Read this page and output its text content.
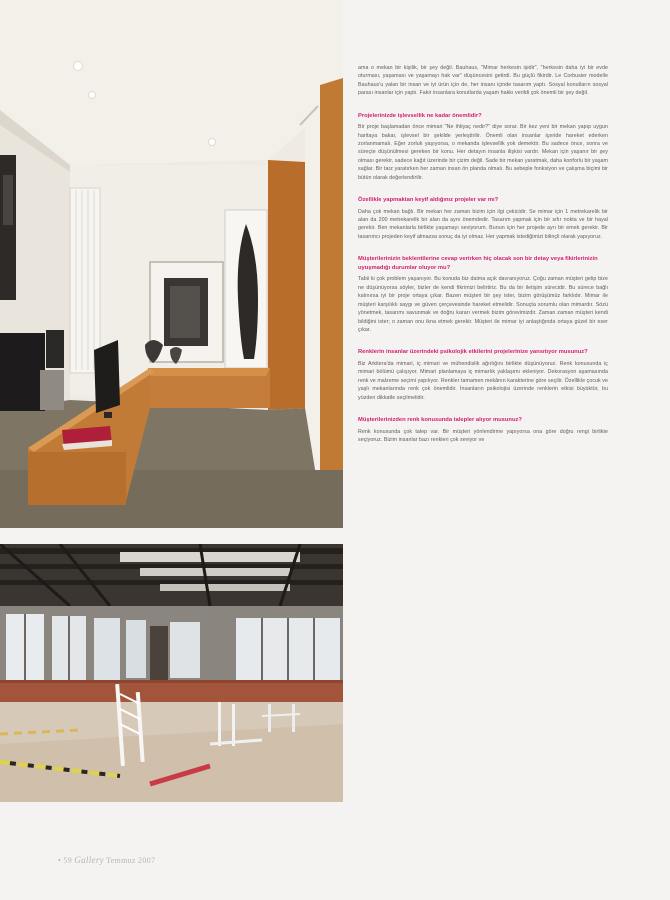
ama o mekan bir kişilik, bir şey değil. Bauhaus, "Mimar herkesin işidir", "herkesin daha iyi bir evde oturması, yaşaması ve yaşamayı hak var" düşüncesini getirdi. Bu güçlü fikirdir. Le Corbusier modelle Bauhaus'u yalan bir insan ve iyi ürün için de, her insanı içinde tasarım yaptı. Sosyal konutların sosyal parası insanlar için yaptı. Fakir insanlara konutlarda yaşam hakkı verildi çok önemli bir şey değil.

Projelerinizde işlevsellik ne kadar önemlidir?

Bir proje başlamadan önce mimari "Ne ihtiyaç nedir?" diye sorar. Bir kez yeni bir mekan yapıp uygun haritaya bakar, işlevsel bir şekilde yerleştirilir. Önemli olan insanlar içeride hareket ederken zorlanmamalı. Eğer zorluk yaşıyorsa, o mekanda işlevsellik yok demektir. Bu sadece önce, sonra ve süreçte düşünülmesi gereken bir konu. Her detayın insanla ilişkisi vardır. Mekan için yaşanır bir şey olması gerekir, sadece kağıt üzerinde bir çizim değil. Sade bir mekan yaratmak, daha konforlu bir yaşam sağlar. Bir tarz yaratırken her zaman insan ön planda olmalı. Bu sebeple fonksiyon ve çalışma biçimi bir bütün olarak değerlendirilir.

Özellikle yapmaktan keyif aldığınız projeler var mı?

Daha çok mekan bağlı. Bir mekan her zaman bizim için ilgi çekicidir. Se mimar için 1 metrekarelik bir alan da 200 metrekarelik bir alan da aynı önemdedir. Tasarım yapmak için bir sıfır nokta ve bir hayal gerekir. Ben mekanlarla birlikte yaşamayı seviyorum. Bunun için her projede ayrı bir emek gerekir. Bir tasarımcı projeden keyif almazsa sonuç da iyi olmaz. Her yapmak istediğimizi bilinçli olarak yapıyoruz.

Müşterilerinizin beklentilerine cevap verirken hiç olacak son bir detay veya fikirlerinizin uyuşmadığı durumlar oluyor mu?

Tabii ki çok problem yaşanıyor. Bu konuda biz daima açık davranıyoruz. Çoğu zaman müşteri gelip bize ne düşünüyorsa söyler, bizler de kendi fikrimizi belirtiriz. Bu da bir iletişim sürecidir. Bu sürece bağlı kalınırsa iyi bir proje ortaya çıkar. Bazen müşteri bir şey ister, bizim görüşümüz farklıdır. Mimar ile müşteri karşılıklı saygı ve güven çerçevesinde hareket etmelidir. Sonuçta sorumlu olan mimardır. Sözü yönetmek, tasarımı savunmak ve doğru kararı vermek bizim görevimizdir. Zaman zaman müşteri kendi bildiğini ister; o zaman onu ikna etmek gerekir. Müşteri ile mimar iyi anlaştığında ortaya güzel bir eser çıkar.

Renklerin insanlar üzerindeki psikolojik etkilerini projelerinize yansıtıyor musunuz?

Biz Arkitera'da mimari, iç mimari ve mühendislik ağırlığını birlikte düşünüyoruz. Renk konusunda iç mimari bölümü çalışıyor. Mimari planlamaya iç mimarlık yaklaşımı ekleniyor. Dekorasyon aşamasında renk ve malzeme seçimi yapılıyor. Renkler tamamen mekânın karakterine göre seçilir. Özellikle çocuk ve yaşlı mekanlarında renk çok önemlidir. İnsanların psikolojisi üzerinde renklerin etkisi büyüktür, bu yüzden dikkatle seçilmelidir.

Müşterilerinizden renk konusunda talepler alıyor musunuz?

Renk konusunda çok talep var. Bir müşteri yönlendirme yapıyorsa ona göre doğru rengi birlikte seçiyoruz. Bizim insanlar bazı renkleri çok seviyor ve

• 59 Gallery Temmuz 2007
